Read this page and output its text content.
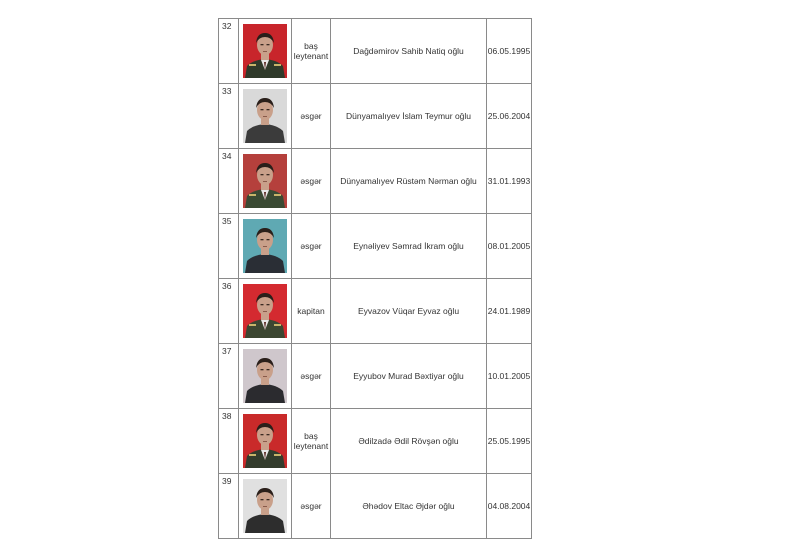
32		baş leytenant	Dağdəmirov Sahib Natiq oğlu	06.05.1995
33		əsgər	Dünyamalıyev İslam Teymur oğlu	25.06.2004
34		əsgər	Dünyamalıyev Rüstəm Nərman oğlu	31.01.1993
35		əsgər	Eynəliyev Səmrad İkram oğlu	08.01.2005
36		kapitan	Eyvazov Vüqar Eyvaz oğlu	24.01.1989
37		əsgər	Eyyubov Murad Bəxtiyar oğlu	10.01.2005
38		baş leytenant	Ədilzadə Ədil Rövşən oğlu	25.05.1995
39		əsgər	Əhədov Eltac Əjdər oğlu	04.08.2004
